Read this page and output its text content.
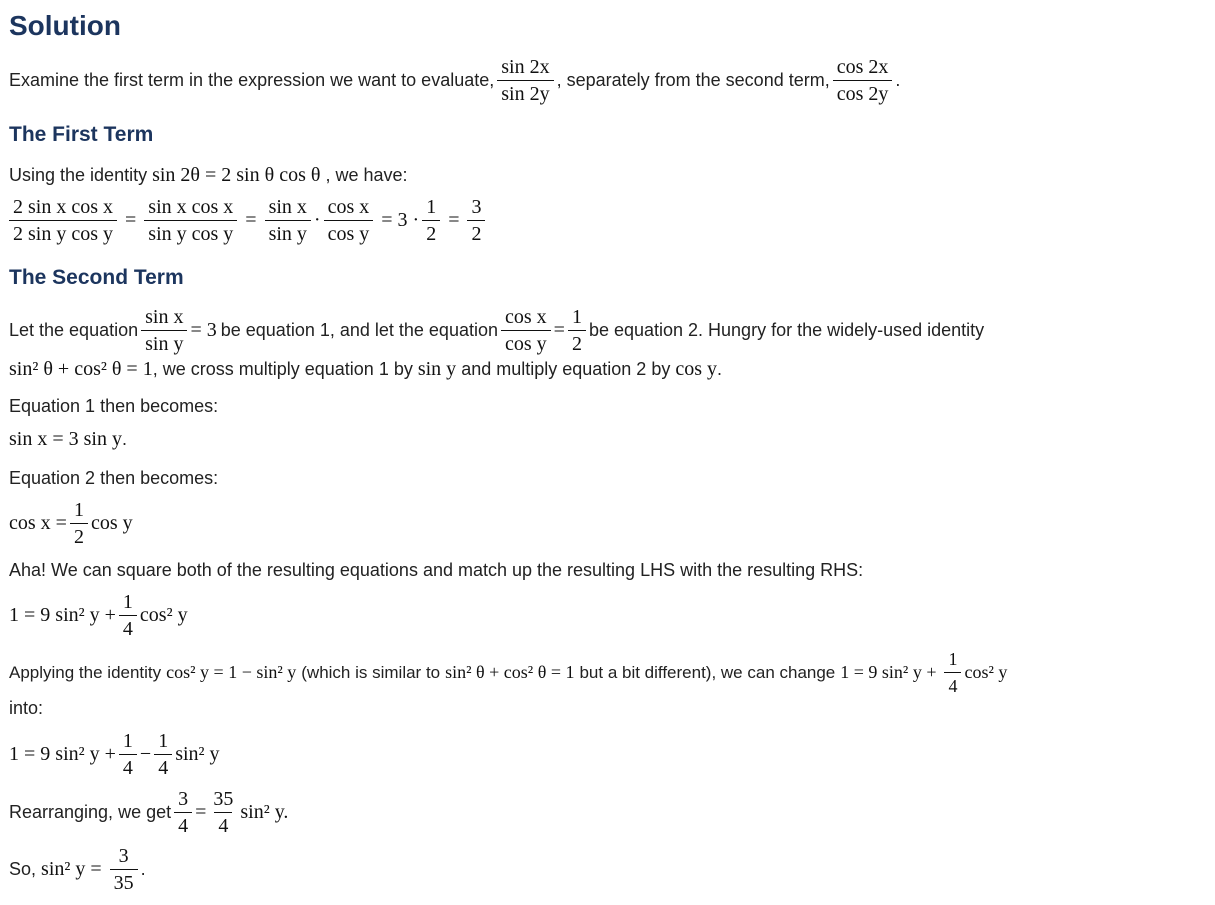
Solution
Examine the first term in the expression we want to evaluate, $\frac{\sin 2x}{\sin 2y}$ , separately from the second term, $\frac{\cos 2x}{\cos 2y}$ .
The First Term
Using the identity sin 2θ = 2 sin θ cos θ , we have:
$\frac{\text{2 sin x cos x}}{\text{2 sin y cos y}} = \frac{\text{sin x cos x}}{\text{sin y cos y}} = \frac{\text{sin x}}{\text{sin y}} \cdot \frac{\text{cos x}}{\text{cos y}} = 3 \cdot \frac{1}{2} = \frac{3}{2}$
The Second Term
Let the equation $\frac{\text{sin x}}{\text{sin y}} = 3$ be equation 1, and let the equation $\frac{\text{cos x}}{\text{cos y}} = \frac{1}{2}$ be equation 2. Hungry for the widely-used identity
sin² θ + cos² θ = 1 , we cross multiply equation 1 by sin y and multiply equation 2 by cos y .
Equation 1 then becomes:
sin x = 3 sin y .
Equation 2 then becomes:
$\cos x = \frac{1}{2}$ cos y
Aha! We can square both of the resulting equations and match up the resulting LHS with the resulting RHS:
1 = 9 sin² $y + \frac{1}{4} \cos^2$ y
Applying the identity cos² y = 1 − sin² y (which is similar to sin² θ + cos² θ = 1 but a bit different), we can change 1 = 9 sin² $y + \frac{1}{4} \cos^2$ y
into:
1 = 9 sin² $y + \frac{1}{4} - \frac{1}{4} \sin^2$ y
Rearranging, we get $\frac{3}{4} = \frac{35}{4} \sin^2$ y.
So, sin² $y = \frac{3}{35}$ .
